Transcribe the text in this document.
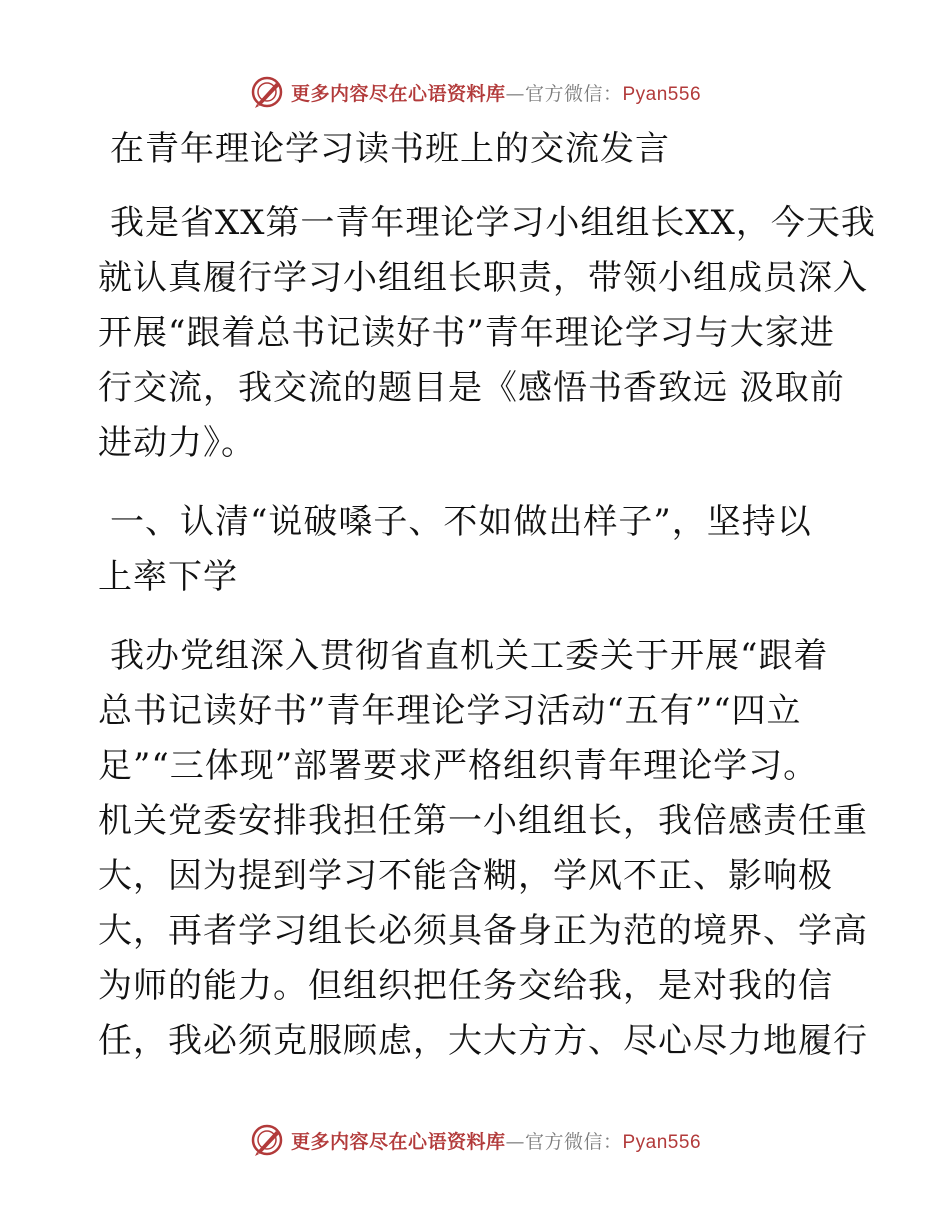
更多内容尽在心语资料库—官方微信：Pyan556
在青年理论学习读书班上的交流发言

我是省XX第一青年理论学习小组组长XX，今天我
就认真履行学习小组组长职责，带领小组成员深入
开展“跟着总书记读好书”青年理论学习与大家进
行交流，我交流的题目是《感悟书香致远 汲取前
进动力》。

一、认清“说破嗓子、不如做出样子”，坚持以
上率下学

我办党组深入贯彻省直机关工委关于开展“跟着
总书记读好书”青年理论学习活动“五有”“四立
足”“三体现”部署要求严格组织青年理论学习。
机关党委安排我担任第一小组组长，我倍感责任重
大，因为提到学习不能含糊，学风不正、影响极
大，再者学习组长必须具备身正为范的境界、学高
为师的能力。但组织把任务交给我，是对我的信
任，我必须克服顾虑，大大方方、尽心尽力地履行

更多内容尽在心语资料库—官方微信：Pyan556
